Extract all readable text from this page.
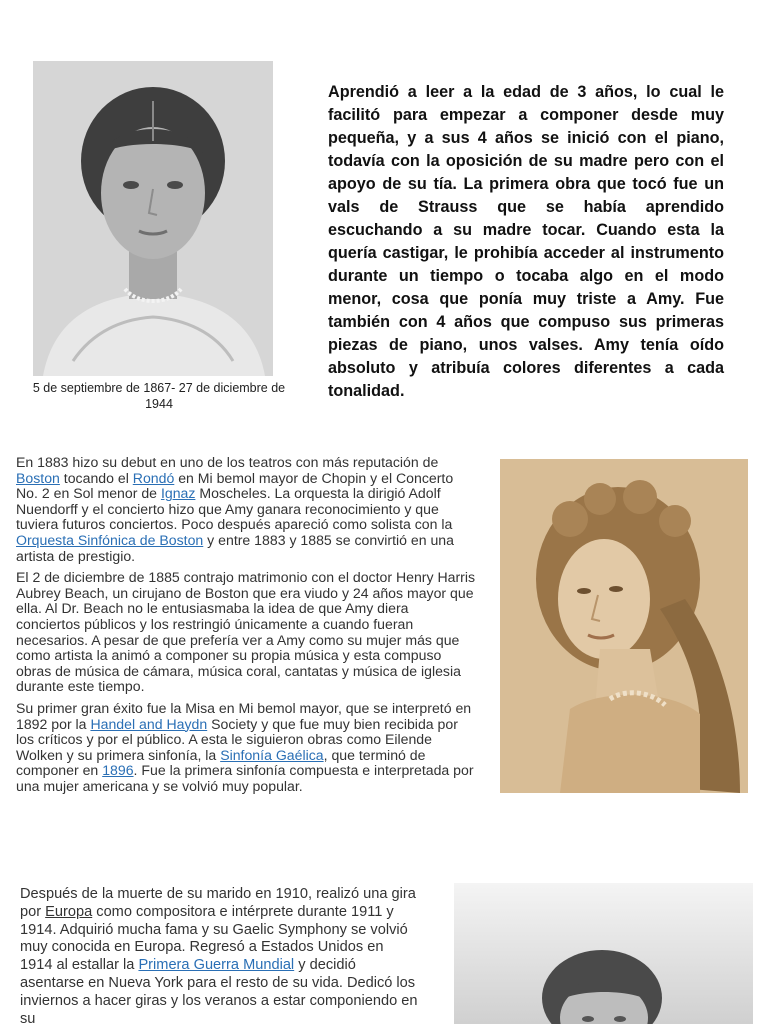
5 de septiembre de 1867- 27 de diciembre de 1944
Aprendió a leer a la edad de 3 años, lo cual le facilitó para empezar a componer desde muy pequeña, y a sus 4 años se inició con el piano, todavía con la oposición de su madre pero con el apoyo de su tía. La primera obra que tocó fue un vals de Strauss que se había aprendido escuchando a su madre tocar. Cuando esta la quería castigar, le prohibía acceder al instrumento durante un tiempo o tocaba algo en el modo menor, cosa que ponía muy triste a Amy. Fue también con 4 años que compuso sus primeras piezas de piano, unos valses. Amy tenía oído absoluto y atribuía colores diferentes a cada tonalidad.

En 1883 hizo su debut en uno de los teatros con más reputación de Boston tocando el Rondó en Mi bemol mayor de Chopin y el Concerto No. 2 en Sol menor de Ignaz Moscheles. La orquesta la dirigió Adolf Nuendorff y el concierto hizo que Amy ganara reconocimiento y que tuviera futuros conciertos. Poco después apareció como solista con la Orquesta Sinfónica de Boston y entre 1883 y 1885 se convirtió en una artista de prestigio.

El 2 de diciembre de 1885 contrajo matrimonio con el doctor Henry Harris Aubrey Beach, un cirujano de Boston que era viudo y 24 años mayor que ella. Al Dr. Beach no le entusiasmaba la idea de que Amy diera conciertos públicos y los restringió únicamente a cuando fueran necesarios. A pesar de que prefería ver a Amy como su mujer más que como artista la animó a componer su propia música y esta compuso obras de música de cámara, música coral, cantatas y música de iglesia durante este tiempo.

Su primer gran éxito fue la Misa en Mi bemol mayor, que se interpretó en 1892 por la Handel and Haydn Society y que fue muy bien recibida por los críticos y por el público. A esta le siguieron obras como Eilende Wolken y su primera sinfonía, la Sinfonía Gaélica, que terminó de componer en 1896. Fue la primera sinfonía compuesta e interpretada por una mujer americana y se volvió muy popular.

Después de la muerte de su marido en 1910, realizó una gira por Europa como compositora e intérprete durante 1911 y 1914. Adquirió mucha fama y su Gaelic Symphony se volvió muy conocida en Europa. Regresó a Estados Unidos en 1914 al estallar la Primera Guerra Mundial y decidió asentarse en Nueva York para el resto de su vida. Dedicó los inviernos a hacer giras y los veranos a estar componiendo en su
